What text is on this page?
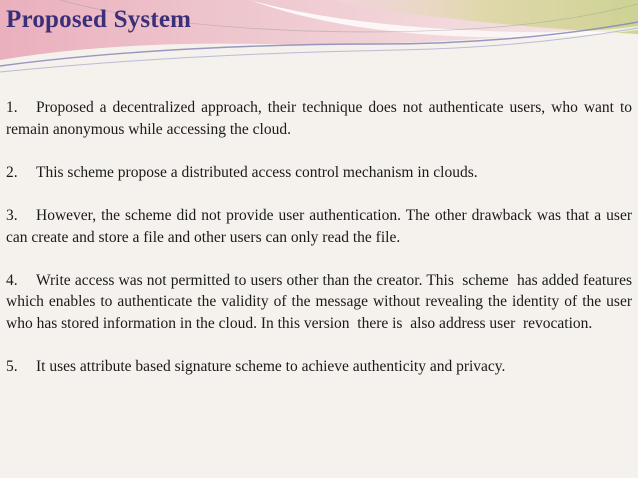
Proposed System

1. Proposed a decentralized approach, their technique does not authenticate users, who want to remain anonymous while accessing the cloud.

2. This scheme propose a distributed access control mechanism in clouds.

3. However, the scheme did not provide user authentication. The other drawback was that a user can create and store a file and other users can only read the file.

4. Write access was not permitted to users other than the creator. This  scheme  has added features which enables to authenticate the validity of the message without revealing the identity of the user who has stored information in the cloud. In this version  there is  also address user  revocation.

5. It uses attribute based signature scheme to achieve authenticity and privacy.
